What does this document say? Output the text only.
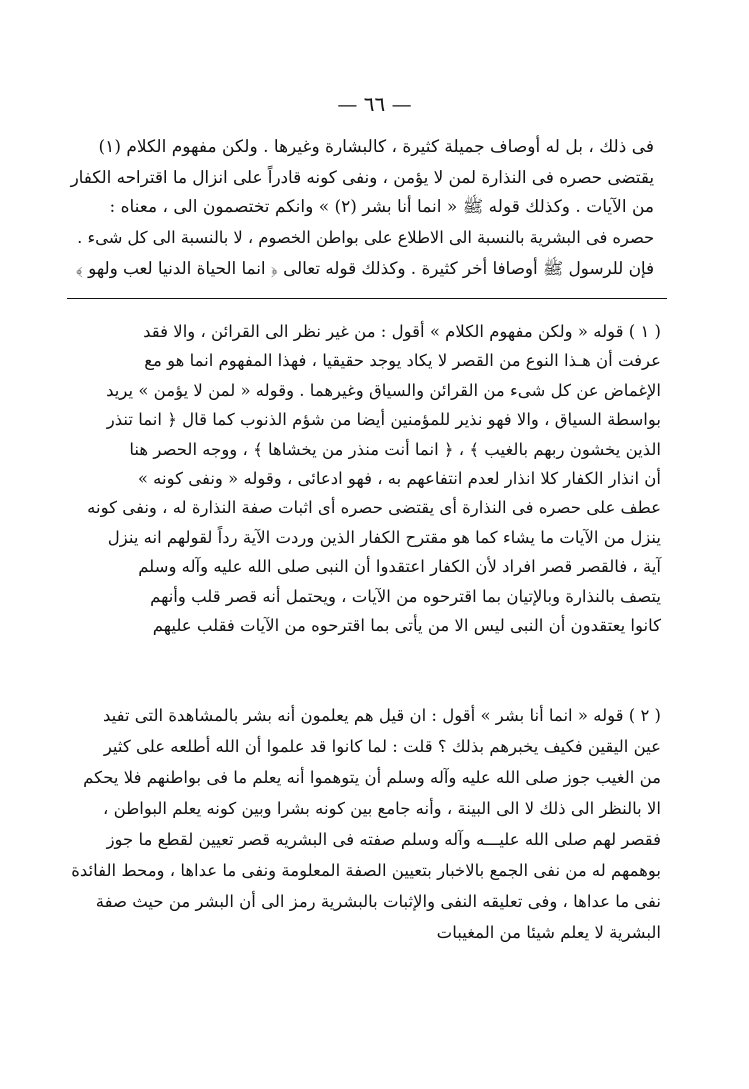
— ٦٦ —

فى ذلك ، بل له أوصاف جميلة كثيرة ، كالبشارة وغيرها . ولكن مفهوم الكلام (١)

يقتضى حصره فى النذارة لمن لا يؤمن ، ونفى كونه قادراً على انزال ما اقتراحه الكفار

من الآيات . وكذلك قوله ﷺ « انما أنا بشر (٢) » وانكم تختصمون الى ، معناه :

حصره فى البشرية بالنسبة الى الاطلاع على بواطن الخصوم ، لا بالنسبة الى كل شىء .

فإن للرسول ﷺ أوصافا أخر كثيرة . وكذلك قوله تعالى ﴿ انما الحياة الدنيا لعب ولهو ﴾

( ١ ) قوله « ولكن مفهوم الكلام » أقول : من غير نظر الى القرائن ، والا فقد

عرفت أن هـذا النوع من القصر لا يكاد يوجد حقيقيا ، فهذا المفهوم انما هو مع

الإغماض عن كل شىء من القرائن والسياق وغيرهما . وقوله « لمن لا يؤمن » يريد

بواسطة السياق ، والا فهو نذير للمؤمنين أيضا من شؤم الذنوب كما قال ﴿ انما تنذر

الذين يخشون ربهم بالغيب ﴾ ، ﴿ انما أنت منذر من يخشاها ﴾ ، ووجه الحصر هنا

أن انذار الكفار كلا انذار لعدم انتفاعهم به ، فهو ادعائى ، وقوله « ونفى كونه »

عطف على حصره فى النذارة أى يقتضى حصره أى اثبات صفة النذارة له ، ونفى كونه

ينزل من الآيات ما يشاء كما هو مقترح الكفار الذين وردت الآية رداً لقولهم انه ينزل

آية ، فالقصر قصر افراد لأن الكفار اعتقدوا أن النبى صلى الله عليه وآله وسلم

يتصف بالنذارة وبالإتيان بما اقترحوه من الآيات ، ويحتمل أنه قصر قلب وأنهم

كانوا يعتقدون أن النبى ليس الا من يأتى بما اقترحوه من الآيات فقلب عليهم

( ٢ ) قوله « انما أنا بشر » أقول : ان قيل هم يعلمون أنه بشر بالمشاهدة التى تفيد

عين اليقين فكيف يخبرهم بذلك ؟ قلت : لما كانوا قد علموا أن الله أطلعه على كثير

من الغيب جوز صلى الله عليه وآله وسلم أن يتوهموا أنه يعلم ما فى بواطنهم فلا يحكم

الا بالنظر الى ذلك لا الى البينة ، وأنه جامع بين كونه بشرا وبين كونه يعلم البواطن ،

فقصر لهم صلى الله عليـــه وآله وسلم صفته فى البشريه قصر تعيين لقطع ما جوز

بوهمهم له من نفى الجمع بالاخبار بتعيين الصفة المعلومة ونفى ما عداها ، ومحط الفائدة

نفى ما عداها ، وفى تعليقه النفى والإثبات بالبشرية رمز الى أن البشر من حيث صفة

البشرية لا يعلم شيئا من المغيبات
